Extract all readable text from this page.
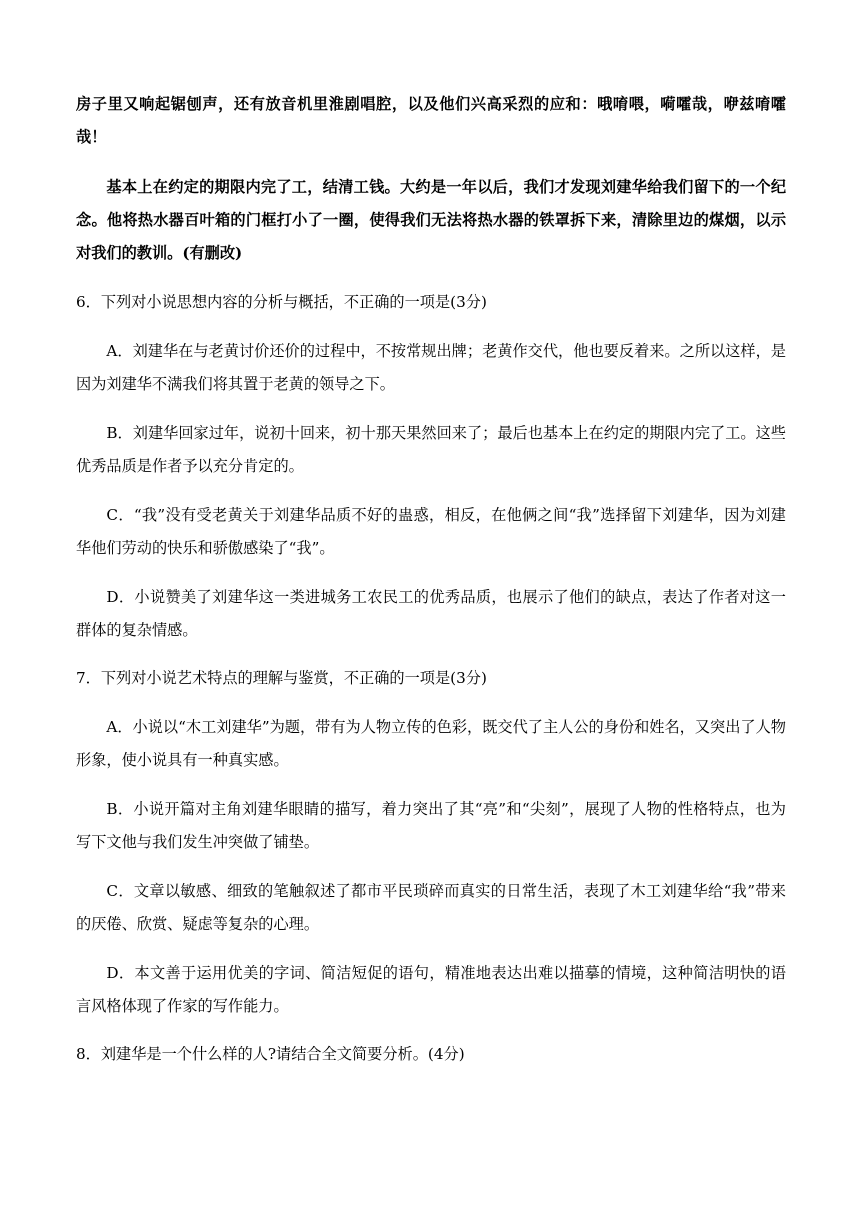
房子里又响起锯刨声，还有放音机里淮剧唱腔，以及他们兴高采烈的应和：哦唷喂，嗬嚯哉，咿兹唷嚯哉！

基本上在约定的期限内完了工，结清工钱。大约是一年以后，我们才发现刘建华给我们留下的一个纪念。他将热水器百叶箱的门框打小了一圈，使得我们无法将热水器的铁罩拆下来，清除里边的煤烟，以示对我们的教训。(有删改)

6．下列对小说思想内容的分析与概括，不正确的一项是(3分)

A．刘建华在与老黄讨价还价的过程中，不按常规出牌；老黄作交代，他也要反着来。之所以这样，是因为刘建华不满我们将其置于老黄的领导之下。

B．刘建华回家过年，说初十回来，初十那天果然回来了；最后也基本上在约定的期限内完了工。这些优秀品质是作者予以充分肯定的。

C．“我”没有受老黄关于刘建华品质不好的蛊惑，相反，在他俩之间“我”选择留下刘建华，因为刘建华他们劳动的快乐和骄傲感染了“我”。

D．小说赞美了刘建华这一类进城务工农民工的优秀品质，也展示了他们的缺点，表达了作者对这一群体的复杂情感。

7．下列对小说艺术特点的理解与鉴赏，不正确的一项是(3分)

A．小说以“木工刘建华”为题，带有为人物立传的色彩，既交代了主人公的身份和姓名，又突出了人物形象，使小说具有一种真实感。

B．小说开篇对主角刘建华眼睛的描写，着力突出了其“亮”和“尖刻”，展现了人物的性格特点，也为写下文他与我们发生冲突做了铺垫。

C．文章以敏感、细致的笔触叙述了都市平民琐碎而真实的日常生活，表现了木工刘建华给“我”带来的厌倦、欣赏、疑虑等复杂的心理。

D．本文善于运用优美的字词、简洁短促的语句，精准地表达出难以描摹的情境，这种简洁明快的语言风格体现了作家的写作能力。

8．刘建华是一个什么样的人?请结合全文简要分析。(4分)
